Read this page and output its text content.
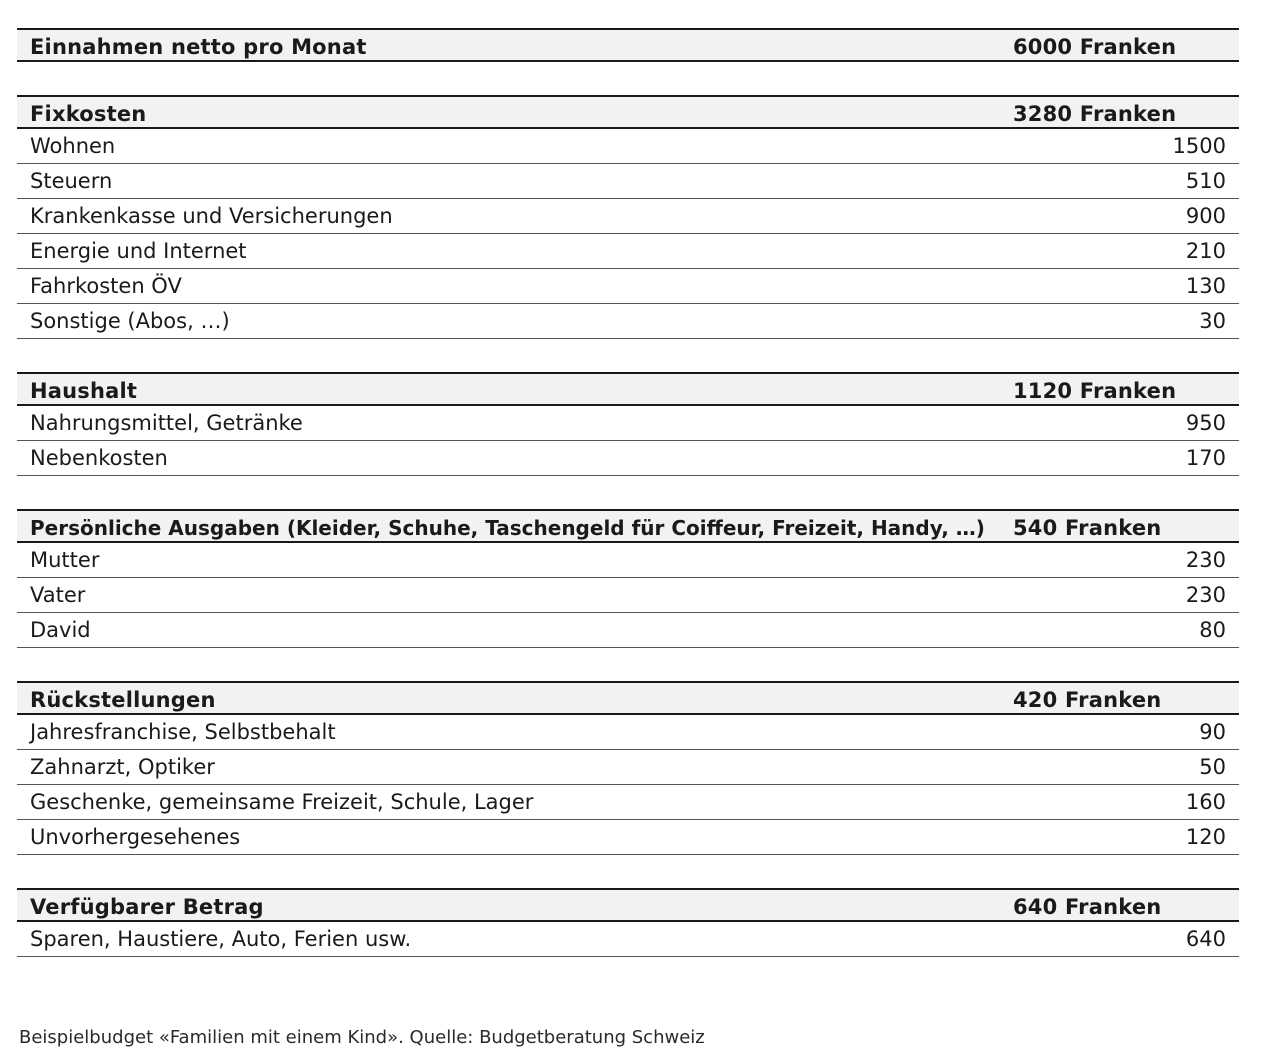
Einnahmen netto pro Monat	6000 Franken
Fixkosten	3280 Franken
Wohnen	1500
Steuern	510
Krankenkasse und Versicherungen	900
Energie und Internet	210
Fahrkosten ÖV	130
Sonstige (Abos, …)	30
Haushalt	1120 Franken
Nahrungsmittel, Getränke	950
Nebenkosten	170
Persönliche Ausgaben (Kleider, Schuhe, Taschengeld für Coiffeur, Freizeit, Handy, …) 540 Franken
Mutter	230
Vater	230
David	80
Rückstellungen	420 Franken
Jahresfranchise, Selbstbehalt	90
Zahnarzt, Optiker	50
Geschenke, gemeinsame Freizeit, Schule, Lager	160
Unvorhergesehenes	120
Verfügbarer Betrag	640 Franken
Sparen, Haustiere, Auto, Ferien usw.	640
Beispielbudget «Familien mit einem Kind». Quelle: Budgetberatung Schweiz
